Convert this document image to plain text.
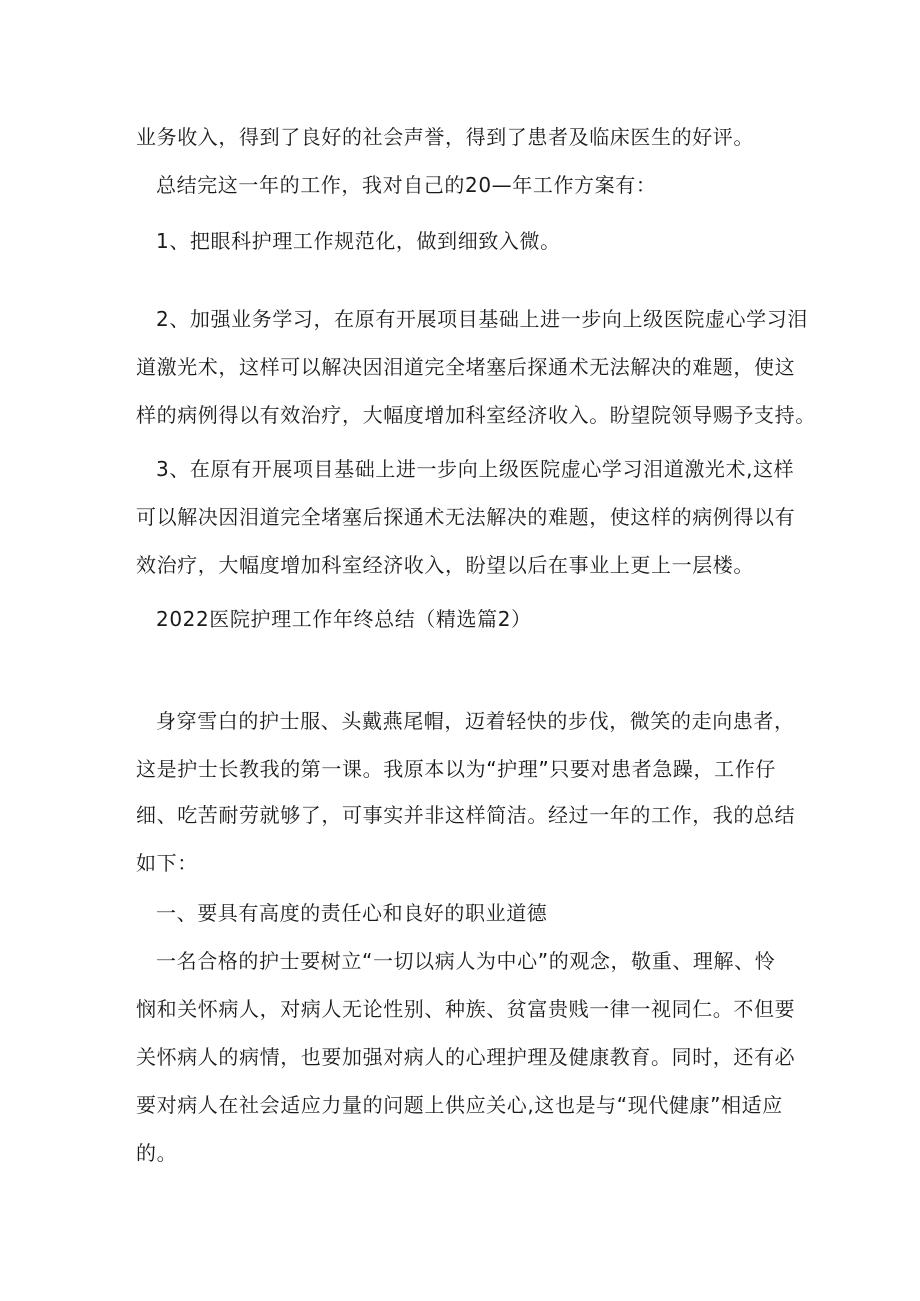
业务收入，得到了良好的社会声誉，得到了患者及临床医生的好评。
总结完这一年的工作，我对自己的20—年工作方案有：
1、把眼科护理工作规范化，做到细致入微。
2、加强业务学习，在原有开展项目基础上进一步向上级医院虚心学习泪
道激光术，这样可以解决因泪道完全堵塞后探通术无法解决的难题，使这
样的病例得以有效治疗，大幅度增加科室经济收入。盼望院领导赐予支持。
3、在原有开展项目基础上进一步向上级医院虚心学习泪道激光术,这样
可以解决因泪道完全堵塞后探通术无法解决的难题，使这样的病例得以有
效治疗，大幅度增加科室经济收入，盼望以后在事业上更上一层楼。
2022医院护理工作年终总结（精选篇2）
身穿雪白的护士服、头戴燕尾帽，迈着轻快的步伐，微笑的走向患者，
这是护士长教我的第一课。我原本以为“护理”只要对患者急躁，工作仔
细、吃苦耐劳就够了，可事实并非这样简洁。经过一年的工作，我的总结
如下：
一、要具有高度的责任心和良好的职业道德
一名合格的护士要树立“一切以病人为中心”的观念，敬重、理解、怜
悯和关怀病人，对病人无论性别、种族、贫富贵贱一律一视同仁。不但要
关怀病人的病情，也要加强对病人的心理护理及健康教育。同时，还有必
要对病人在社会适应力量的问题上供应关心,这也是与“现代健康”相适应
的。
